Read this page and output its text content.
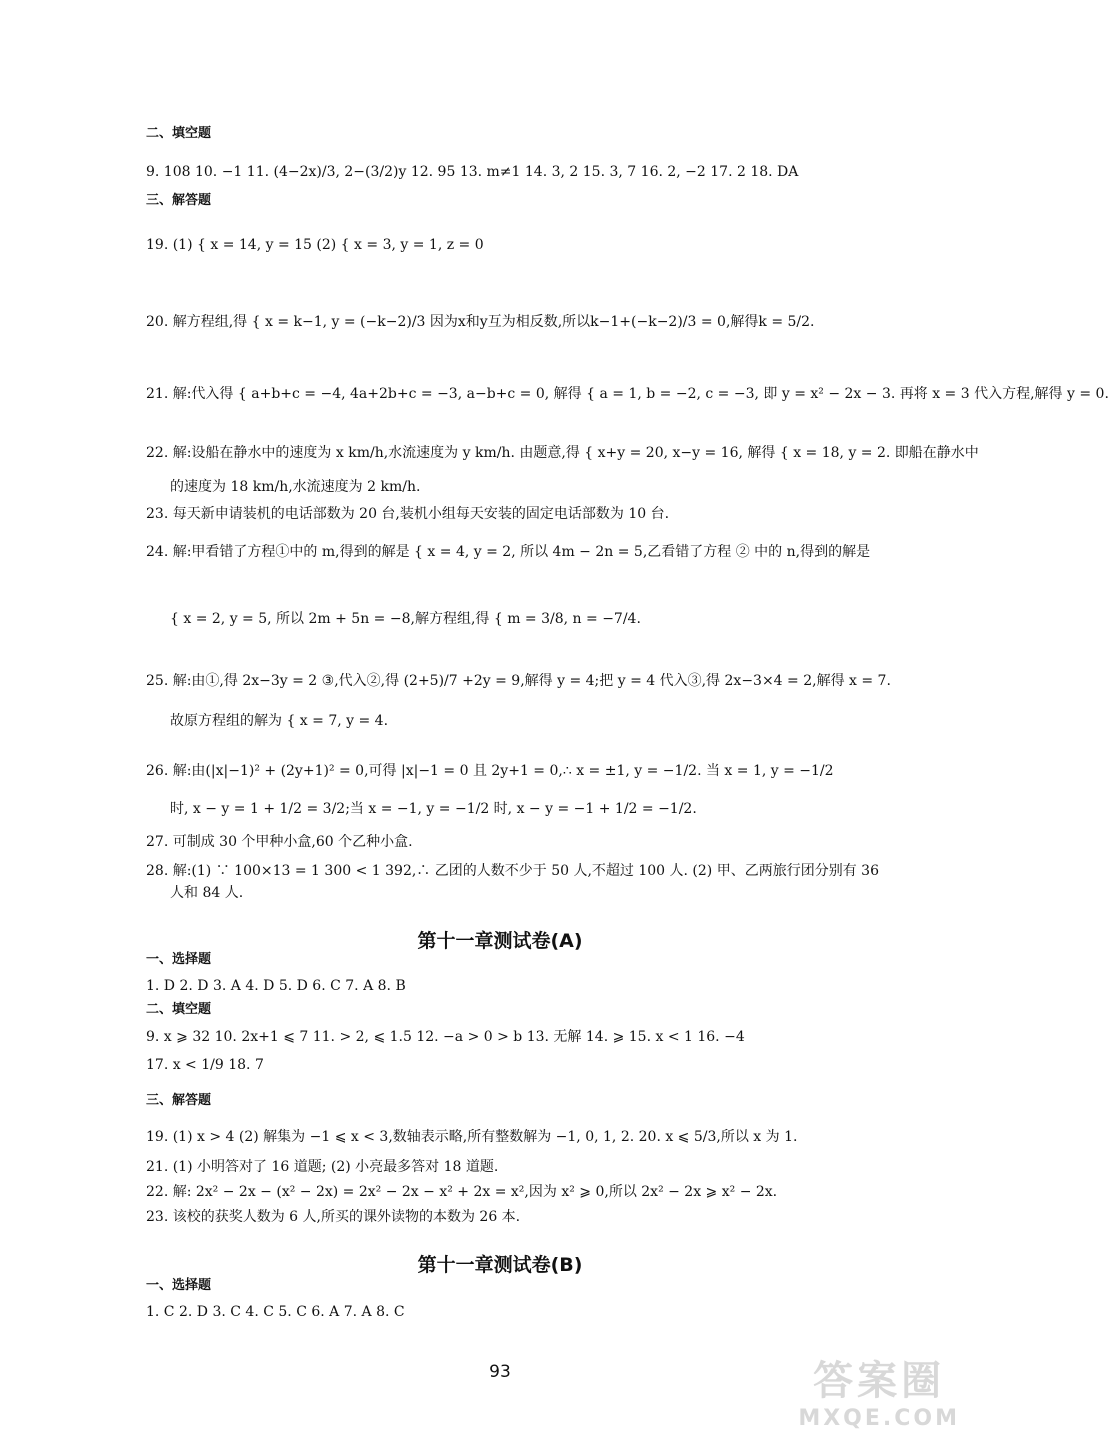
二、填空题
9. 108 10. −1 11. (4−2x)/3, 2−(3/2)y 12. 95 13. m≠1 14. 3, 2 15. 3, 7 16. 2, −2 17. 2 18. DA
三、解答题
19. (1) { x = 14, y = 15 (2) { x = 3, y = 1, z = 0
20. 解方程组,得 { x = k−1, y = (−k−2)/3 因为x和y互为相反数,所以k−1+(−k−2)/3 = 0,解得k = 5/2.
21. 解:代入得 { a+b+c = −4, 4a+2b+c = −3, a−b+c = 0, 解得 { a = 1, b = −2, c = −3, 即 y = x² − 2x − 3. 再将 x = 3 代入方程,解得 y = 0.
22. 解:设船在静水中的速度为 x km/h,水流速度为 y km/h. 由题意,得 { x+y = 20, x−y = 16, 解得 { x = 18, y = 2. 即船在静水中
的速度为 18 km/h,水流速度为 2 km/h.
23. 每天新申请装机的电话部数为 20 台,装机小组每天安装的固定电话部数为 10 台.
24. 解:甲看错了方程①中的 m,得到的解是 { x = 4, y = 2, 所以 4m − 2n = 5,乙看错了方程 ② 中的 n,得到的解是
{ x = 2, y = 5, 所以 2m + 5n = −8,解方程组,得 { m = 3/8, n = −7/4.
25. 解:由①,得 2x−3y = 2 ③,代入②,得 (2+5)/7 +2y = 9,解得 y = 4;把 y = 4 代入③,得 2x−3×4 = 2,解得 x = 7.
故原方程组的解为 { x = 7, y = 4.
26. 解:由(|x|−1)² + (2y+1)² = 0,可得 |x|−1 = 0 且 2y+1 = 0,∴ x = ±1, y = −1/2. 当 x = 1, y = −1/2
时, x − y = 1 + 1/2 = 3/2;当 x = −1, y = −1/2 时, x − y = −1 + 1/2 = −1/2.
27. 可制成 30 个甲种小盒,60 个乙种小盒.
28. 解:(1) ∵ 100×13 = 1 300 < 1 392,∴ 乙团的人数不少于 50 人,不超过 100 人. (2) 甲、乙两旅行团分别有 36
人和 84 人.
第十一章测试卷(A)
一、选择题
1. D 2. D 3. A 4. D 5. D 6. C 7. A 8. B
二、填空题
9. x ⩾ 32 10. 2x+1 ⩽ 7 11. > 2, ⩽ 1.5 12. −a > 0 > b 13. 无解 14. ⩾ 15. x < 1 16. −4
17. x < 1/9 18. 7
三、解答题
19. (1) x > 4 (2) 解集为 −1 ⩽ x < 3,数轴表示略,所有整数解为 −1, 0, 1, 2. 20. x ⩽ 5/3,所以 x 为 1.
21. (1) 小明答对了 16 道题; (2) 小亮最多答对 18 道题.
22. 解: 2x² − 2x − (x² − 2x) = 2x² − 2x − x² + 2x = x²,因为 x² ⩾ 0,所以 2x² − 2x ⩾ x² − 2x.
23. 该校的获奖人数为 6 人,所买的课外读物的本数为 26 本.
第十一章测试卷(B)
一、选择题
1. C 2. D 3. C 4. C 5. C 6. A 7. A 8. C
93	答案圈
MXQE.COM
